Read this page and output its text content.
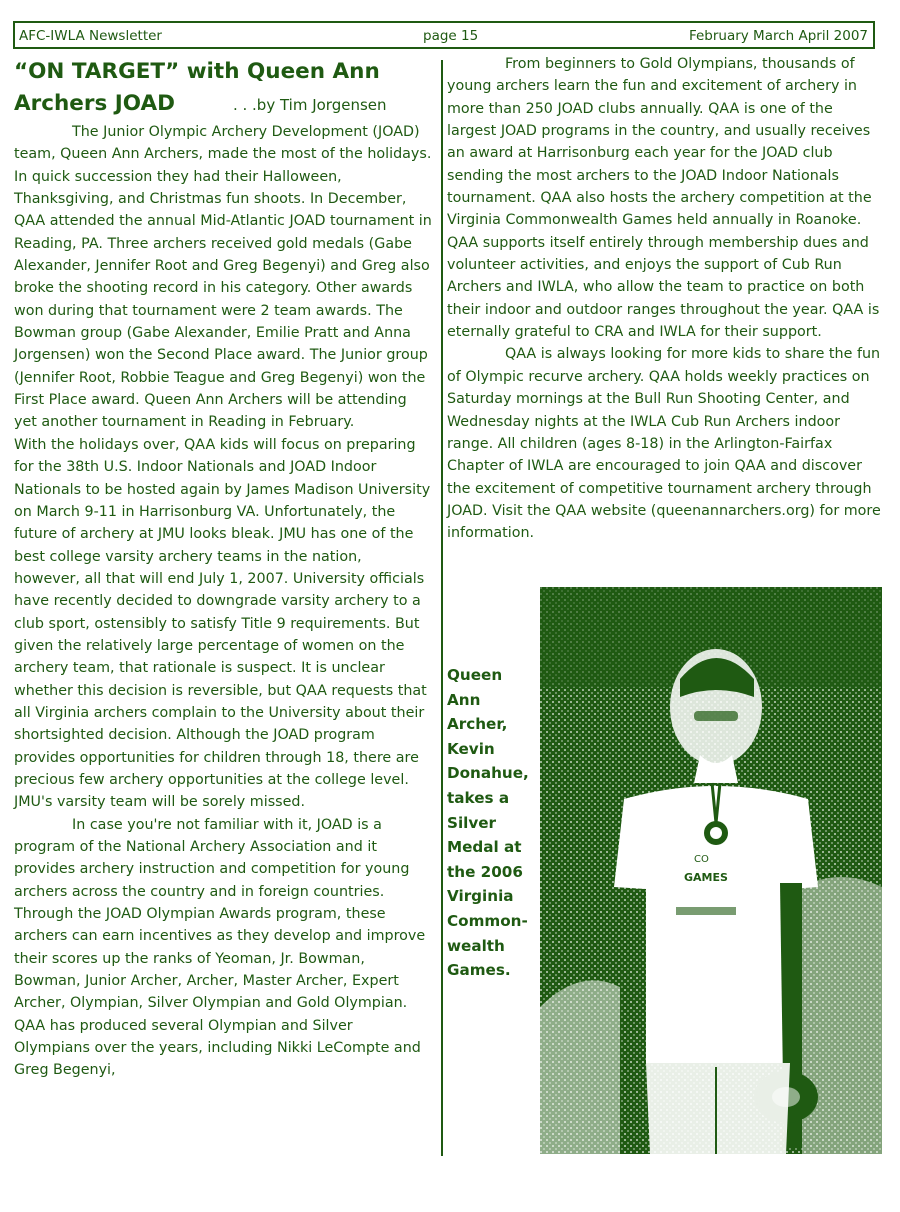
AFC-IWLA Newsletter	page 15	February March April 2007
“ON TARGET” with Queen Ann
Archers JOAD	. . .by Tim Jorgensen

The Junior Olympic Archery Development (JOAD) team, Queen Ann Archers, made the most of the holidays. In quick succession they had their Halloween, Thanksgiving, and Christmas fun shoots. In December, QAA attended the annual Mid-Atlantic JOAD tournament in Reading, PA. Three archers received gold medals (Gabe Alexander, Jennifer Root and Greg Begenyi) and Greg also broke the shooting record in his category. Other awards won during that tournament were 2 team awards. The Bowman group (Gabe Alexander, Emilie Pratt and Anna Jorgensen) won the Second Place award. The Junior group (Jennifer Root, Robbie Teague and Greg Begenyi) won the First Place award. Queen Ann Archers will be attending yet another tournament in Reading in February.

With the holidays over, QAA kids will focus on preparing for the 38th U.S. Indoor Nationals and JOAD Indoor Nationals to be hosted again by James Madison University on March 9-11 in Harrisonburg VA. Unfortunately, the future of archery at JMU looks bleak. JMU has one of the best college varsity archery teams in the nation, however, all that will end July 1, 2007. University officials have recently decided to downgrade varsity archery to a club sport, ostensibly to satisfy Title 9 requirements. But given the relatively large percentage of women on the archery team, that rationale is suspect. It is unclear whether this decision is reversible, but QAA requests that all Virginia archers complain to the University about their shortsighted decision. Although the JOAD program provides opportunities for children through 18, there are precious few archery opportunities at the college level. JMU's varsity team will be sorely missed.

In case you're not familiar with it, JOAD is a program of the National Archery Association and it provides archery instruction and competition for young archers across the country and in foreign countries. Through the JOAD Olympian Awards program, these archers can earn incentives as they develop and improve their scores up the ranks of Yeoman, Jr. Bowman, Bowman, Junior Archer, Archer, Master Archer, Expert Archer, Olympian, Silver Olympian and Gold Olympian. QAA has produced several Olympian and Silver Olympians over the years, including Nikki LeCompte and Greg Begenyi,

From beginners to Gold Olympians, thousands of young archers learn the fun and excitement of archery in more than 250 JOAD clubs annually. QAA is one of the largest JOAD programs in the country, and usually receives an award at Harrisonburg each year for the JOAD club sending the most archers to the JOAD Indoor Nationals tournament. QAA also hosts the archery competition at the Virginia Commonwealth Games held annually in Roanoke. QAA supports itself entirely through membership dues and volunteer activities, and enjoys the support of Cub Run Archers and IWLA, who allow the team to practice on both their indoor and outdoor ranges throughout the year. QAA is eternally grateful to CRA and IWLA for their support.

QAA is always looking for more kids to share the fun of Olympic recurve archery. QAA holds weekly practices on Saturday mornings at the Bull Run Shooting Center, and Wednesday nights at the IWLA Cub Run Archers indoor range. All children (ages 8-18) in the Arlington-Fairfax Chapter of IWLA are encouraged to join QAA and discover the excitement of competitive tournament archery through JOAD. Visit the QAA website (queenannarchers.org) for more information.

Queen
Ann
Archer,
Kevin
Donahue,
takes a
Silver
Medal at
the 2006
Virginia
Common-
wealth
Games.
CO
GAMES
